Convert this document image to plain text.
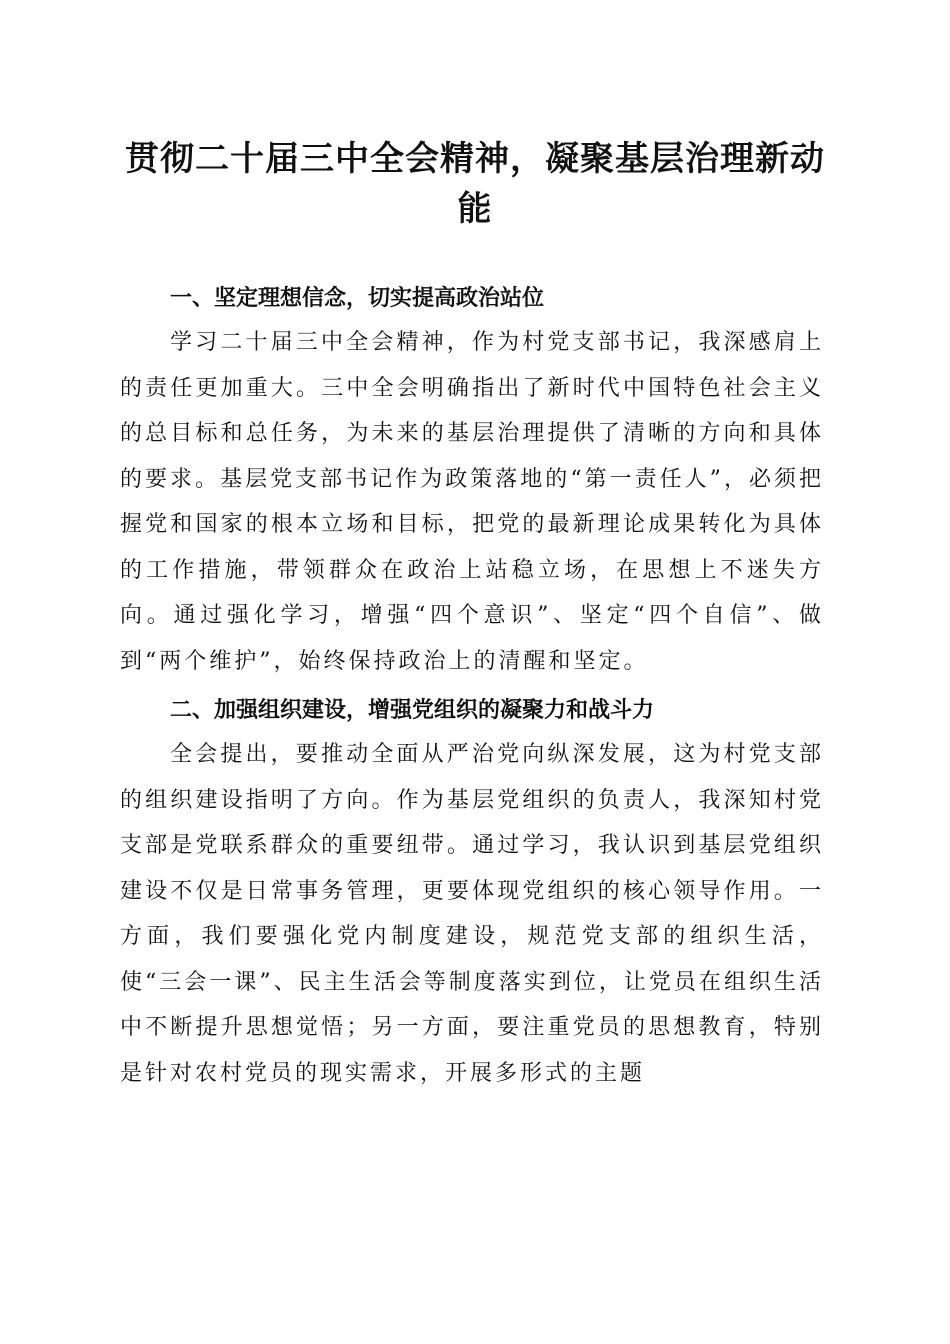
贯彻二十届三中全会精神，凝聚基层治理新动能
一、坚定理想信念，切实提高政治站位

学习二十届三中全会精神，作为村党支部书记，我深感肩上的责任更加重大。三中全会明确指出了新时代中国特色社会主义的总目标和总任务，为未来的基层治理提供了清晰的方向和具体的要求。基层党支部书记作为政策落地的“第一责任人”，必须把握党和国家的根本立场和目标，把党的最新理论成果转化为具体的工作措施，带领群众在政治上站稳立场，在思想上不迷失方向。通过强化学习，增强“四个意识”、坚定“四个自信”、做到“两个维护”，始终保持政治上的清醒和坚定。

二、加强组织建设，增强党组织的凝聚力和战斗力

全会提出，要推动全面从严治党向纵深发展，这为村党支部的组织建设指明了方向。作为基层党组织的负责人，我深知村党支部是党联系群众的重要纽带。通过学习，我认识到基层党组织建设不仅是日常事务管理，更要体现党组织的核心领导作用。一方面，我们要强化党内制度建设，规范党支部的组织生活，使“三会一课”、民主生活会等制度落实到位，让党员在组织生活中不断提升思想觉悟；另一方面，要注重党员的思想教育，特别是针对农村党员的现实需求，开展多形式的主题
